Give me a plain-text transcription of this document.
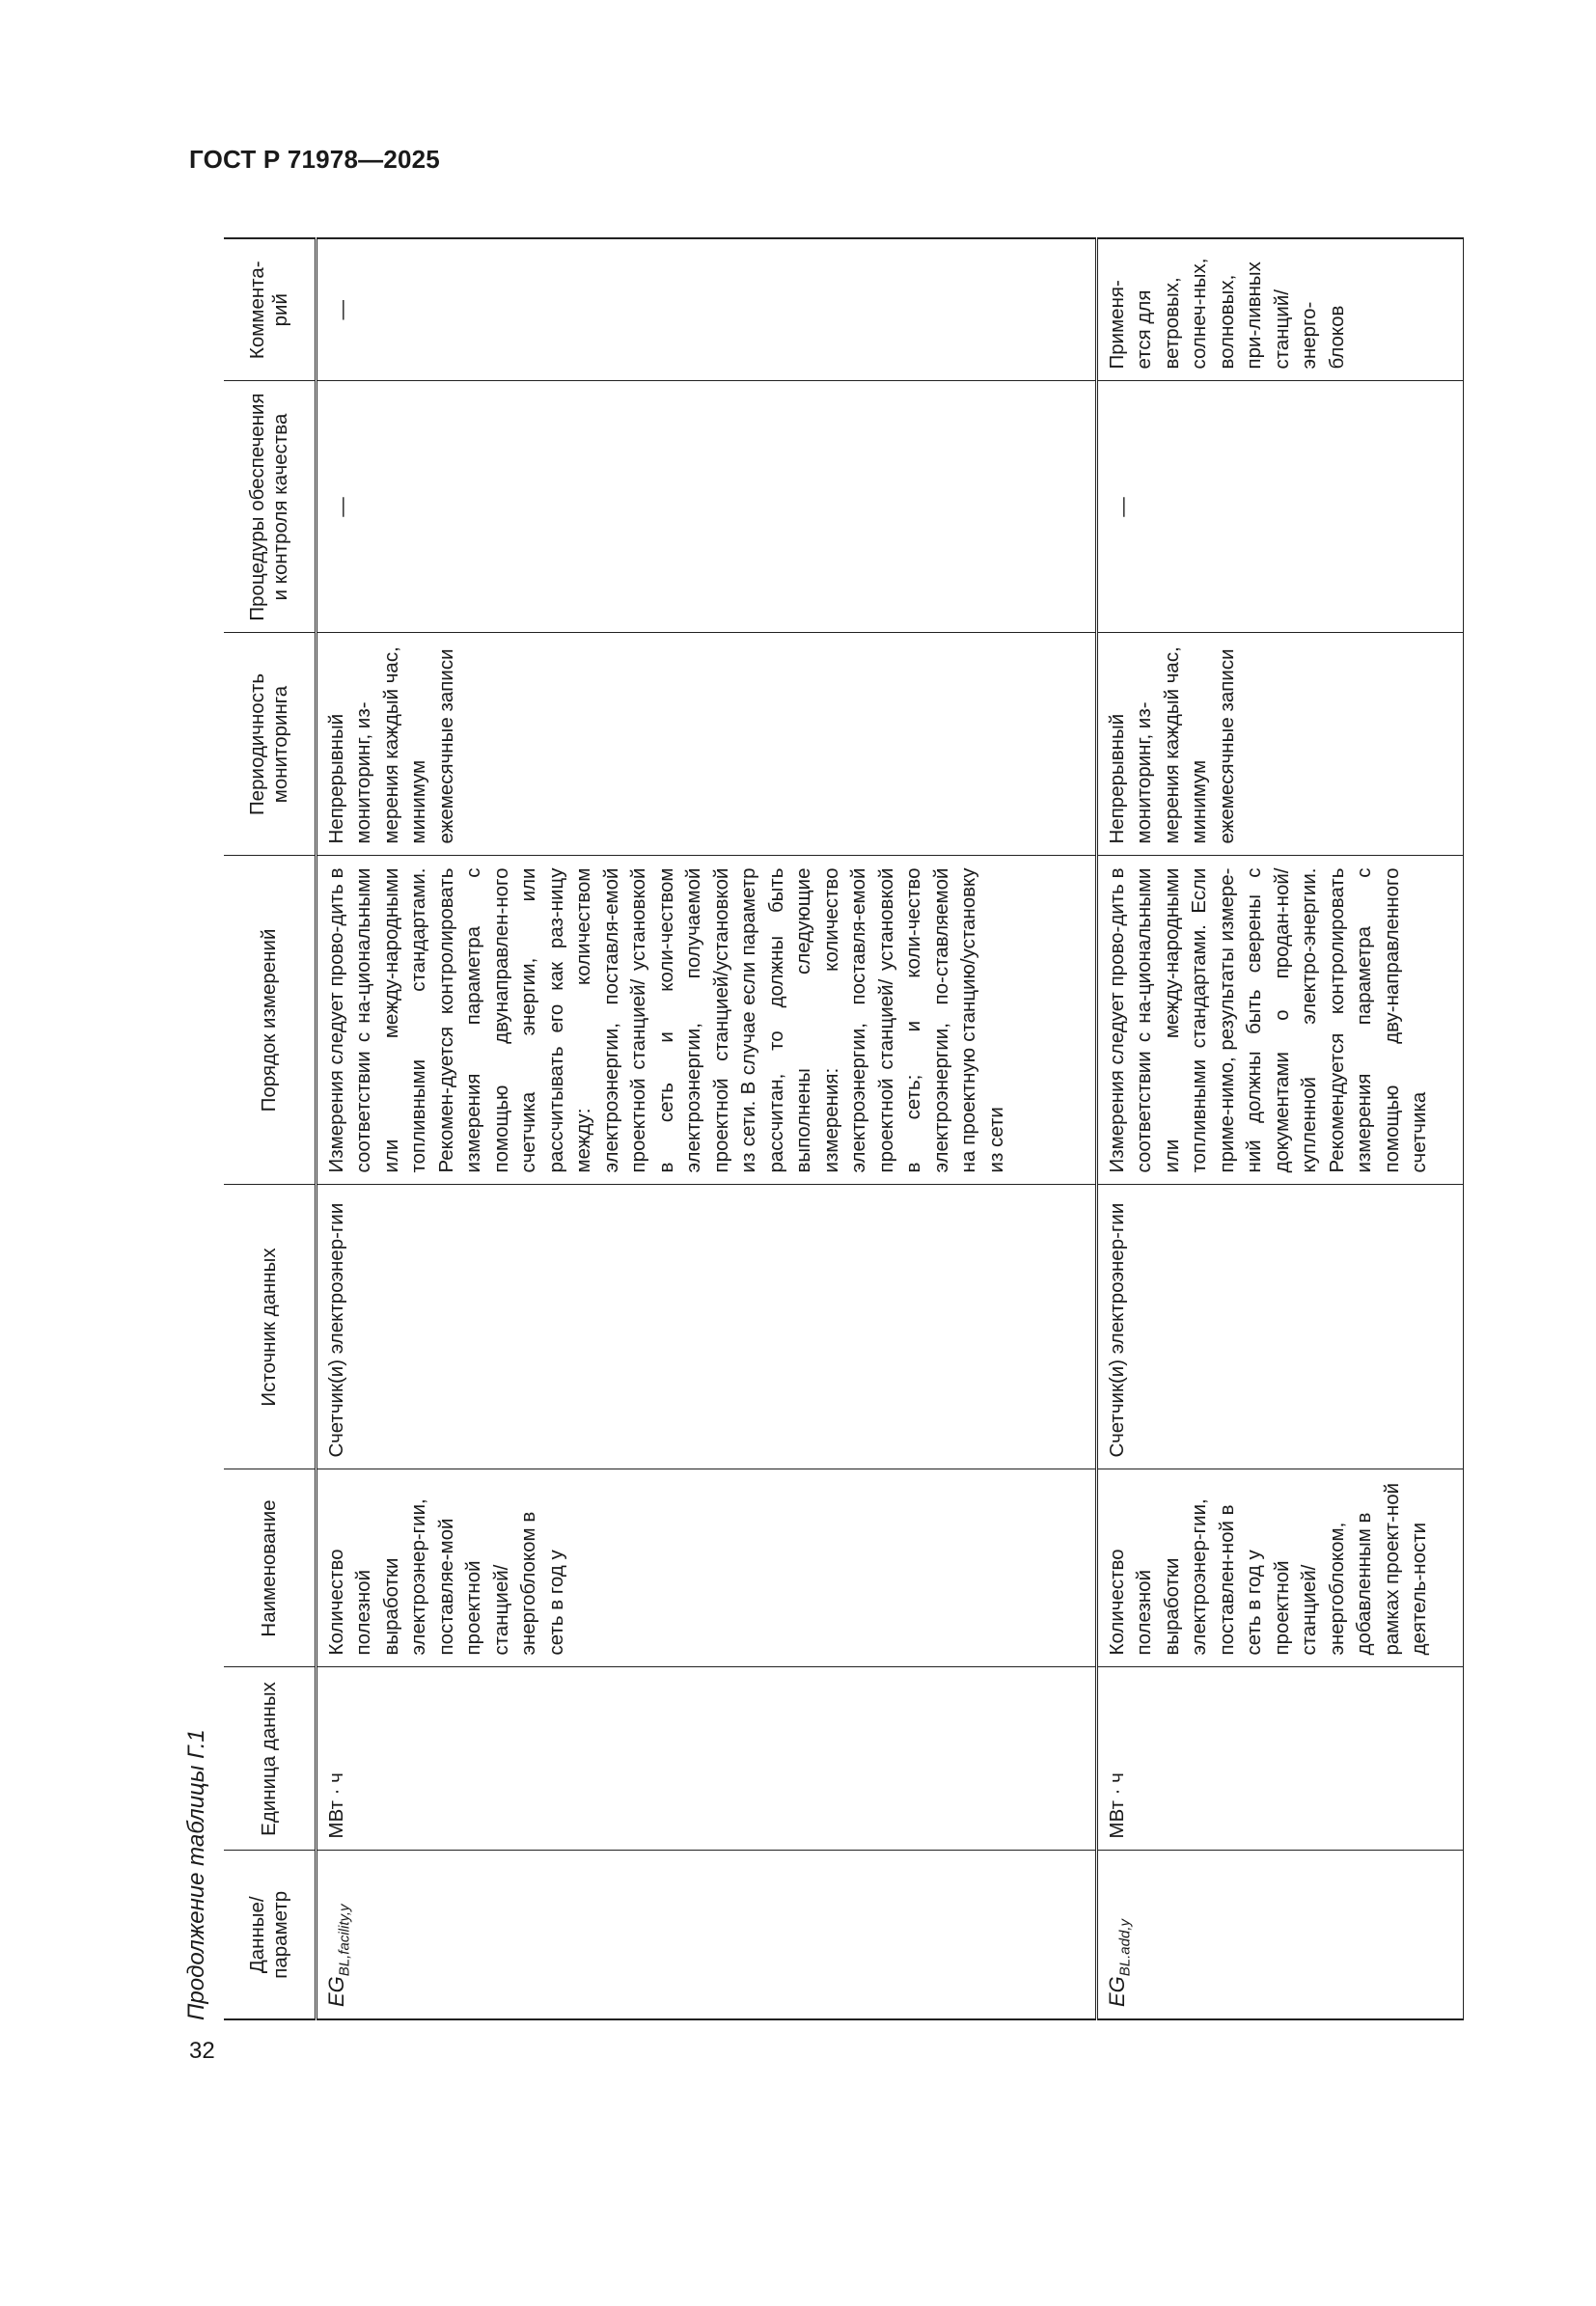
ГОСТ Р 71978—2025
32
Продолжение таблицы Г.1 Данные/ параметр	Единица данных	Наименование	Источник данных	Порядок измерений	Периодичность мониторинга	Процедуры обеспечения и контроля качества	Коммента-рий
$EG_{BL,facility,y}$	МВт · ч	Количество полезной выработки электроэнер-гии, поставляе-мой проектной станцией/ энергоблоком в сеть в год y	Счетчик(и) электроэнер-гии	Измерения следует прово-дить в соответствии с на-циональными или между-народными топливными стандартами. Рекомен-дуется контролировать измерения параметра с помощью двунаправлен-ного счетчика энергии, или рассчитывать его как раз-ницу между: количеством электроэнергии, поставля-емой проектной станцией/ установкой в сеть и коли-чеством электроэнергии, получаемой проектной станцией/установкой из сети. В случае если параметр рассчитан, то должны быть выполнены следующие измерения: количество электроэнергии, поставля-емой проектной станцией/ установкой в сеть; и коли-чество электроэнергии, по-ставляемой на проектную станцию/установку из сети	Непрерывный мониторинг, из-мерения каждый час, минимум ежемесячные записи	—	—
$EG_{BL.add,y}$	МВт · ч	Количество полезной выработки электроэнер-гии, поставлен-ной в сеть в год y проектной станцией/ энергоблоком, добавленным в рамках проект-ной деятель-ности	Счетчик(и) электроэнер-гии	Измерения следует прово-дить в соответствии с на-циональными или между-народными топливными стандартами. Если приме-нимо, результаты измере-ний должны быть сверены с документами о продан-ной/купленной электро-энергии. Рекомендуется контролировать измерения параметра с помощью дву-направленного счетчика	Непрерывный мониторинг, из-мерения каждый час, минимум ежемесячные записи	—	Применя-ется для ветровых, солнеч-ных, волновых, при-ливных станций/ энерго-блоков
